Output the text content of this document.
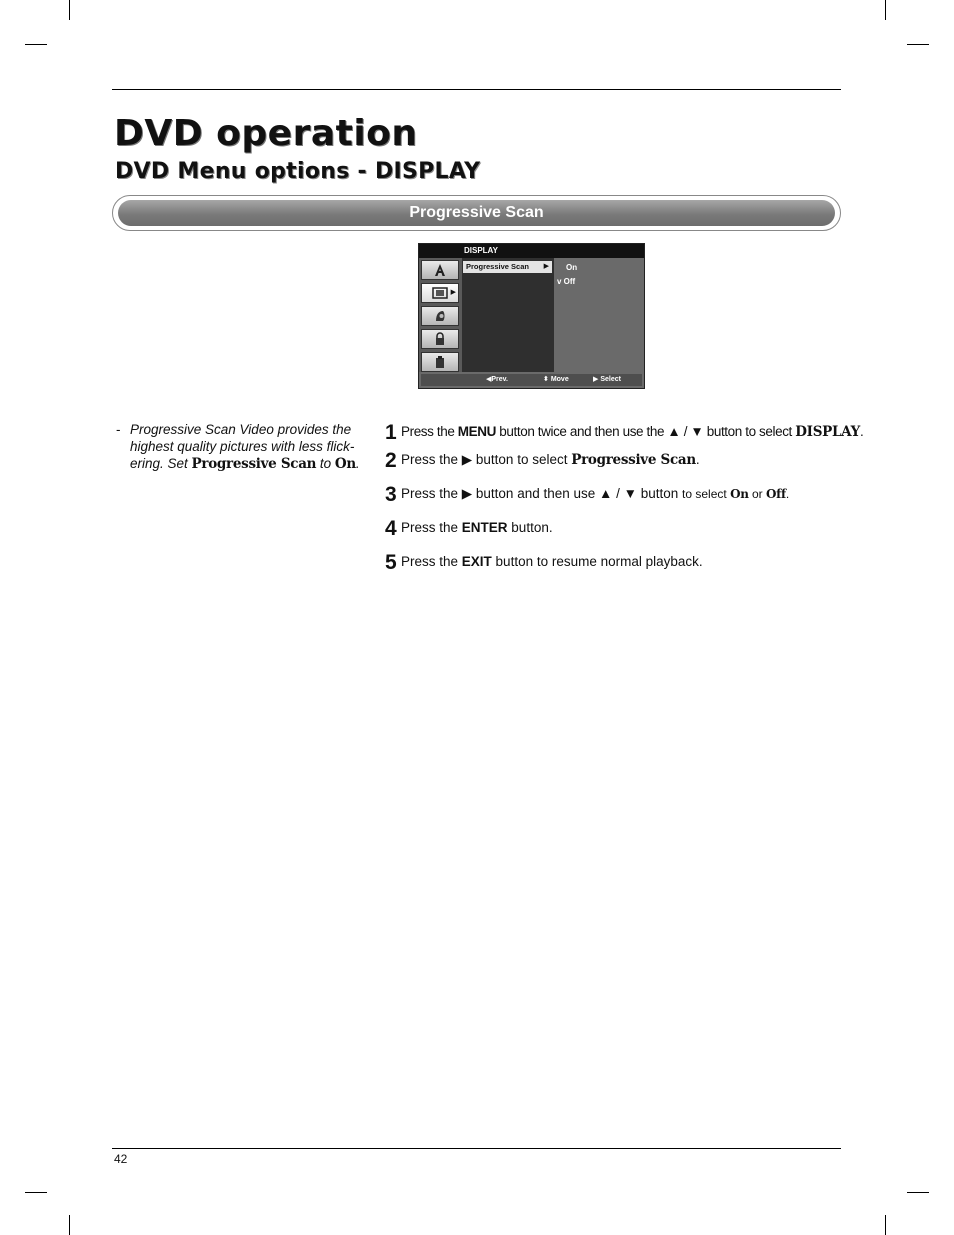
DVD operation
DVD Menu options - DISPLAY
Progressive Scan
DISPLAY
▶
Progressive Scan ▶ On
v Off
◀Prev.	⬍ Move	▶ Select
- Progressive Scan Video provides the highest quality pictures with less flick-ering. Set Progressive Scan to On.
1 Press the MENU button twice and then use the ▲ / ▼ button to select DISPLAY.
2 Press the ▶ button to select Progressive Scan.
3 Press the ▶ button and then use ▲ / ▼ button to select On or Off.
4 Press the ENTER button.
5 Press the EXIT button to resume normal playback.
42
